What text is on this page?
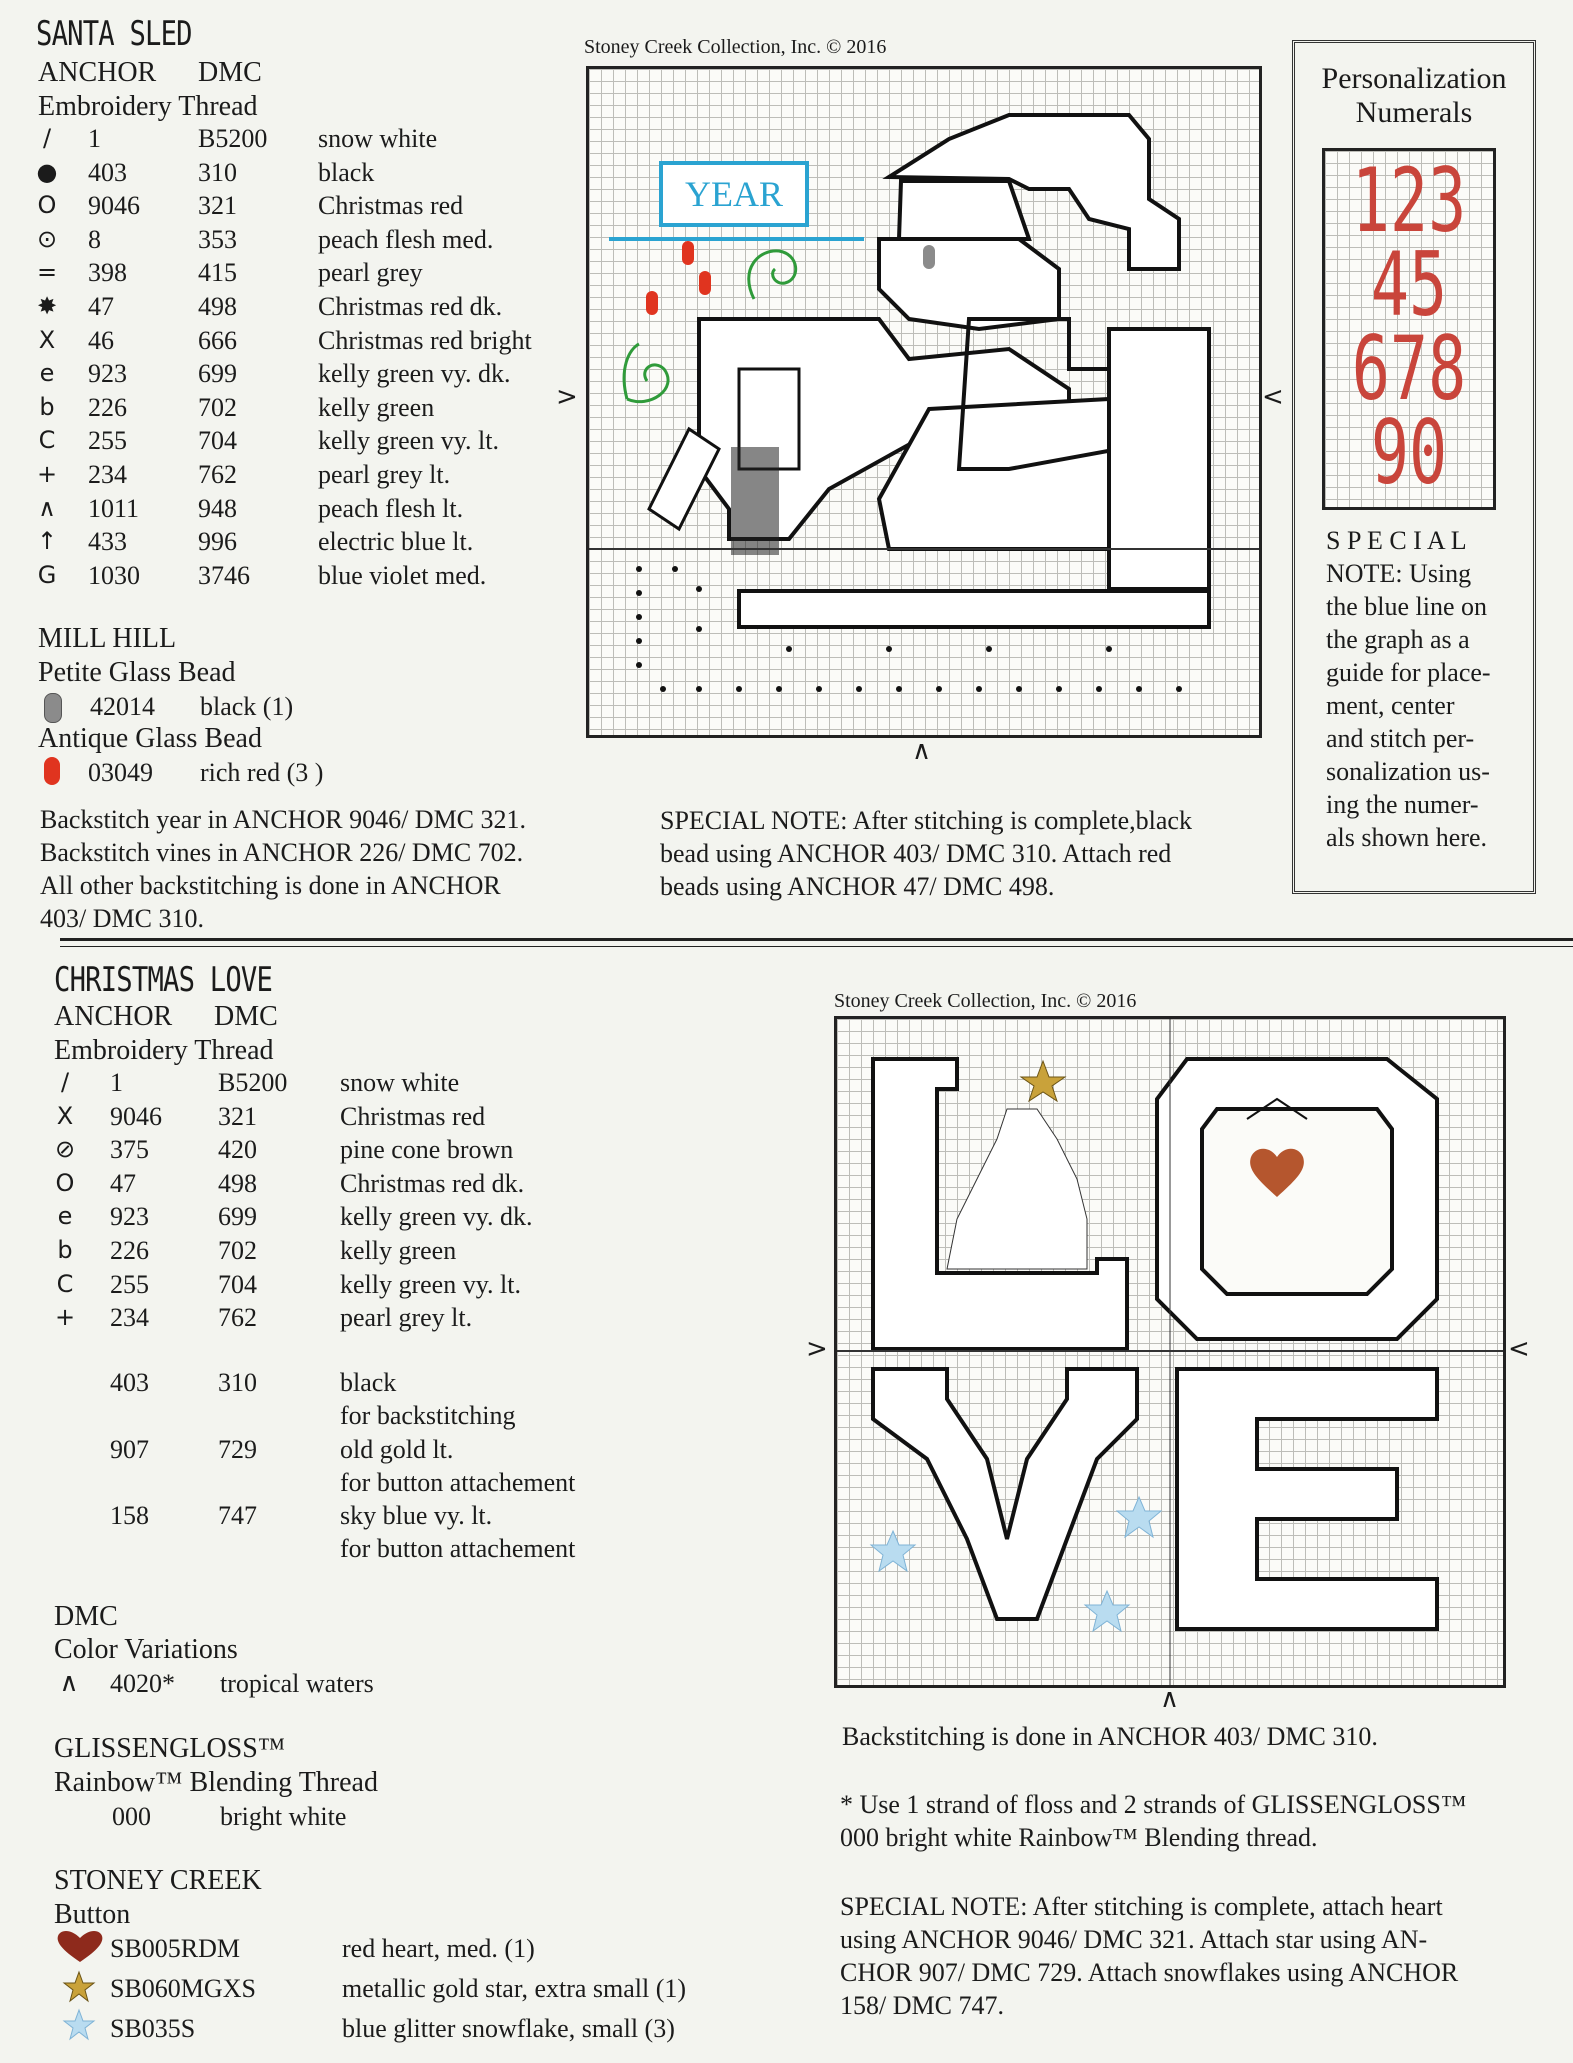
SANTA SLED
ANCHOR DMC
Embroidery Thread
/	1	B5200 snow white
● 403	310	black
O 9046 321	Christmas red
⊙ 8	353	peach flesh med.
= 398	415	pearl grey
✸ 47	498	Christmas red dk.
X 46	666	Christmas red bright
e 923	699	kelly green vy. dk.
b 226	702	kelly green
C 255	704	kelly green vy. lt.
+ 234	762	pearl grey lt.
∧ 1011 948	peach flesh lt.
↑ 433	996	electric blue lt.
G 1030 3746	blue violet med.
MILL HILL
Petite Glass Bead
42014 black (1)
Antique Glass Bead
03049 rich red (3 )
Backstitch year in ANCHOR 9046/ DMC 321.
Backstitch vines in ANCHOR 226/ DMC 702.
All other backstitching is done in ANCHOR
403/ DMC 310.
SPECIAL NOTE: After stitching is complete,black
bead using ANCHOR 403/ DMC 310. Attach red
beads using ANCHOR 47/ DMC 498.
Stoney Creek Collection, Inc. © 2016
YEAR
>	<
∧
Personalization
Numerals
123
45
678
90
S P E C I A L
NOTE: Using
the blue line on
the graph as a
guide for place-
ment, center
and stitch per-
sonalization us-
ing the numer-
als shown here.
CHRISTMAS LOVE
ANCHOR DMC
Embroidery Thread
/	1	B5200 snow white
X 9046 321	Christmas red
⊘ 375	420	pine cone brown
O 47	498	Christmas red dk.
e 923	699	kelly green vy. dk.
b 226	702	kelly green
C 255	704	kelly green vy. lt.
+ 234	762	pearl grey lt.
403	310	black
for backstitching
907	729	old gold lt.
for button attachement
158	747	sky blue vy. lt.
for button attachement
DMC
Color Variations
∧ 4020* tropical waters
GLISSENGLOSS™
Rainbow™ Blending Thread
000	bright white
STONEY CREEK
Button
SB005RDM	red heart, med. (1)
SB060MGXS	metallic gold star, extra small (1)
SB035S	blue glitter snowflake, small (3)
Stoney Creek Collection, Inc. © 2016
>	<
∧
Backstitching is done in ANCHOR 403/ DMC 310.
* Use 1 strand of floss and 2 strands of GLISSENGLOSS™
000 bright white Rainbow™ Blending thread.
SPECIAL NOTE: After stitching is complete, attach heart
using ANCHOR 9046/ DMC 321. Attach star using AN-
CHOR 907/ DMC 729. Attach snowflakes using ANCHOR
158/ DMC 747.
